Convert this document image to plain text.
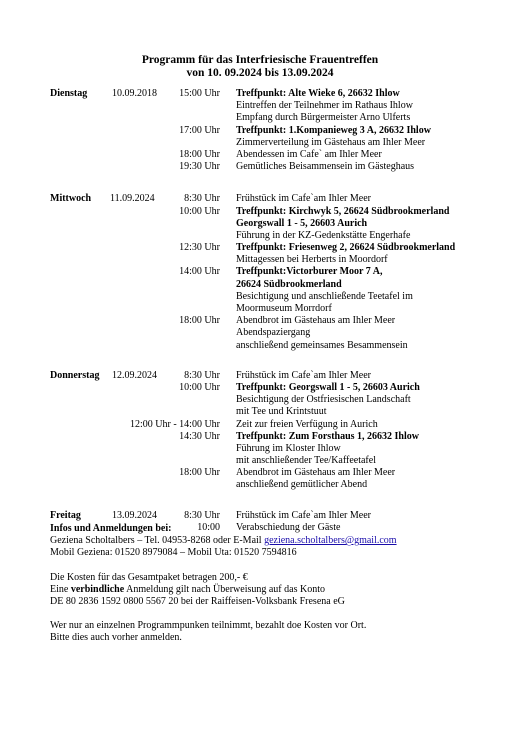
Programm für das Interfriesische Frauentreffen
von 10. 09.2024 bis 13.09.2024
Dienstag 10.09.2018 15:00 Uhr Treffpunkt: Alte Wieke 6, 26632 Ihlow
Eintreffen der Teilnehmer im Rathaus Ihlow
Empfang durch Bürgermeister Arno Ulferts
17:00 Uhr Treffpunkt: 1.Kompanieweg 3 A, 26632 Ihlow
Zimmerverteilung im Gästehaus am Ihler Meer
18:00 Uhr Abendessen im Cafe` am Ihler Meer
19:30 Uhr Gemütliches Beisammensein im Gästeghaus
Mittwoch 11.09.2024	8:30 Uhr Frühstück im Cafe`am Ihler Meer
10:00 Uhr Treffpunkt: Kirchwyk 5, 26624 Südbrookmerland
Georgswall 1 - 5, 26603 Aurich
Führung in der KZ-Gedenkstätte Engerhafe
12:30 Uhr Treffpunkt: Friesenweg 2, 26624 Südbrookmerland
Mittagessen bei Herberts in Moordorf
14:00 Uhr Treffpunkt:Victorburer Moor 7 A,
26624 Südbrookmerland
Besichtigung und anschließende Teetafel im
Moormuseum Morrdorf
18:00 Uhr Abendbrot im Gästehaus am Ihler Meer
Abendspaziergang
anschließend gemeinsames Besammensein
Donnerstag 12.09.2024	8:30 Uhr Frühstück im Cafe`am Ihler Meer
10:00 Uhr Treffpunkt: Georgswall 1 - 5, 26603 Aurich
Besichtigung der Ostfriesischen Landschaft
mit Tee und Krintstuut
12:00 Uhr - 14:00 Uhr Zeit zur freien Verfügung in Aurich
14:30 Uhr Treffpunkt: Zum Forsthaus 1, 26632 Ihlow
Führung im Kloster Ihlow
mit anschließender Tee/Kaffeetafel
18:00 Uhr Abendbrot im Gästehaus am Ihler Meer
anschließend gemütlicher Abend
Freitag	13.09.2024	8:30 Uhr Frühstück im Cafe`am Ihler Meer
10:00 Verabschiedung der Gäste
Infos und Anmeldungen bei:
Geziena Scholtalbers – Tel. 04953-8268 oder E-Mail geziena.scholtalbers@gmail.com
Mobil Geziena: 01520 8979084 – Mobil Uta: 01520 7594816
Die Kosten für das Gesamtpaket betragen 200,- €
Eine verbindliche Anmeldung gilt nach Überweisung auf das Konto
DE 80 2836 1592 0800 5567 20 bei der Raiffeisen-Volksbank Fresena eG
Wer nur an einzelnen Programmpunken teilnimmt, bezahlt doe Kosten vor Ort.
Bitte dies auch vorher anmelden.
